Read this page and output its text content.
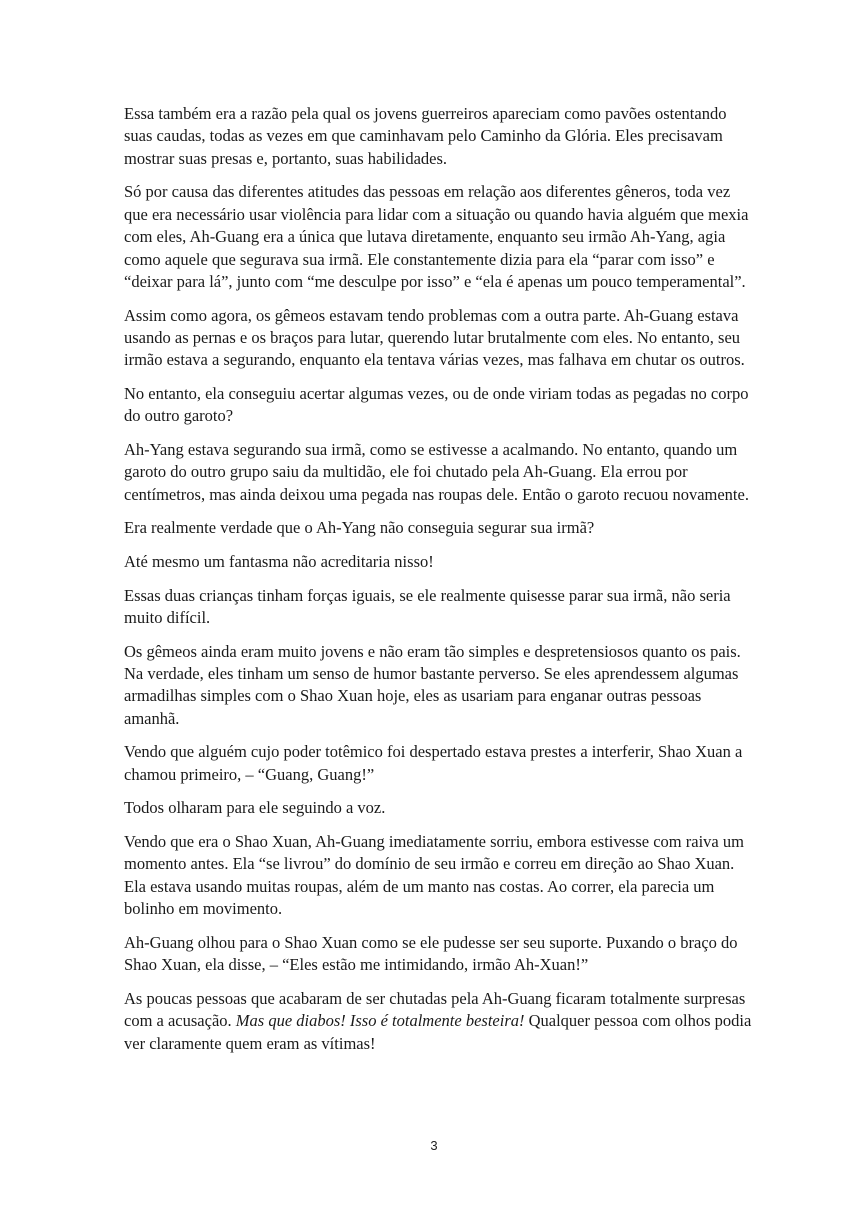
Essa também era a razão pela qual os jovens guerreiros apareciam como pavões ostentando suas caudas, todas as vezes em que caminhavam pelo Caminho da Glória. Eles precisavam mostrar suas presas e, portanto, suas habilidades.

Só por causa das diferentes atitudes das pessoas em relação aos diferentes gêneros, toda vez que era necessário usar violência para lidar com a situação ou quando havia alguém que mexia com eles, Ah-Guang era a única que lutava diretamente, enquanto seu irmão Ah-Yang, agia como aquele que segurava sua irmã. Ele constantemente dizia para ela “parar com isso” e “deixar para lá”, junto com “me desculpe por isso” e “ela é apenas um pouco temperamental”.

Assim como agora, os gêmeos estavam tendo problemas com a outra parte. Ah-Guang estava usando as pernas e os braços para lutar, querendo lutar brutalmente com eles. No entanto, seu irmão estava a segurando, enquanto ela tentava várias vezes, mas falhava em chutar os outros.

No entanto, ela conseguiu acertar algumas vezes, ou de onde viriam todas as pegadas no corpo do outro garoto?

Ah-Yang estava segurando sua irmã, como se estivesse a acalmando. No entanto, quando um garoto do outro grupo saiu da multidão, ele foi chutado pela Ah-Guang. Ela errou por centímetros, mas ainda deixou uma pegada nas roupas dele. Então o garoto recuou novamente.

Era realmente verdade que o Ah-Yang não conseguia segurar sua irmã?

Até mesmo um fantasma não acreditaria nisso!

Essas duas crianças tinham forças iguais, se ele realmente quisesse parar sua irmã, não seria muito difícil.

Os gêmeos ainda eram muito jovens e não eram tão simples e despretensiosos quanto os pais. Na verdade, eles tinham um senso de humor bastante perverso. Se eles aprendessem algumas armadilhas simples com o Shao Xuan hoje, eles as usariam para enganar outras pessoas amanhã.

Vendo que alguém cujo poder totêmico foi despertado estava prestes a interferir, Shao Xuan a chamou primeiro, – “Guang, Guang!”

Todos olharam para ele seguindo a voz.

Vendo que era o Shao Xuan, Ah-Guang imediatamente sorriu, embora estivesse com raiva um momento antes. Ela “se livrou” do domínio de seu irmão e correu em direção ao Shao Xuan. Ela estava usando muitas roupas, além de um manto nas costas. Ao correr, ela parecia um bolinho em movimento.

Ah-Guang olhou para o Shao Xuan como se ele pudesse ser seu suporte. Puxando o braço do Shao Xuan, ela disse, – “Eles estão me intimidando, irmão Ah-Xuan!”

As poucas pessoas que acabaram de ser chutadas pela Ah-Guang ficaram totalmente surpresas com a acusação. Mas que diabos! Isso é totalmente besteira! Qualquer pessoa com olhos podia ver claramente quem eram as vítimas!

3
